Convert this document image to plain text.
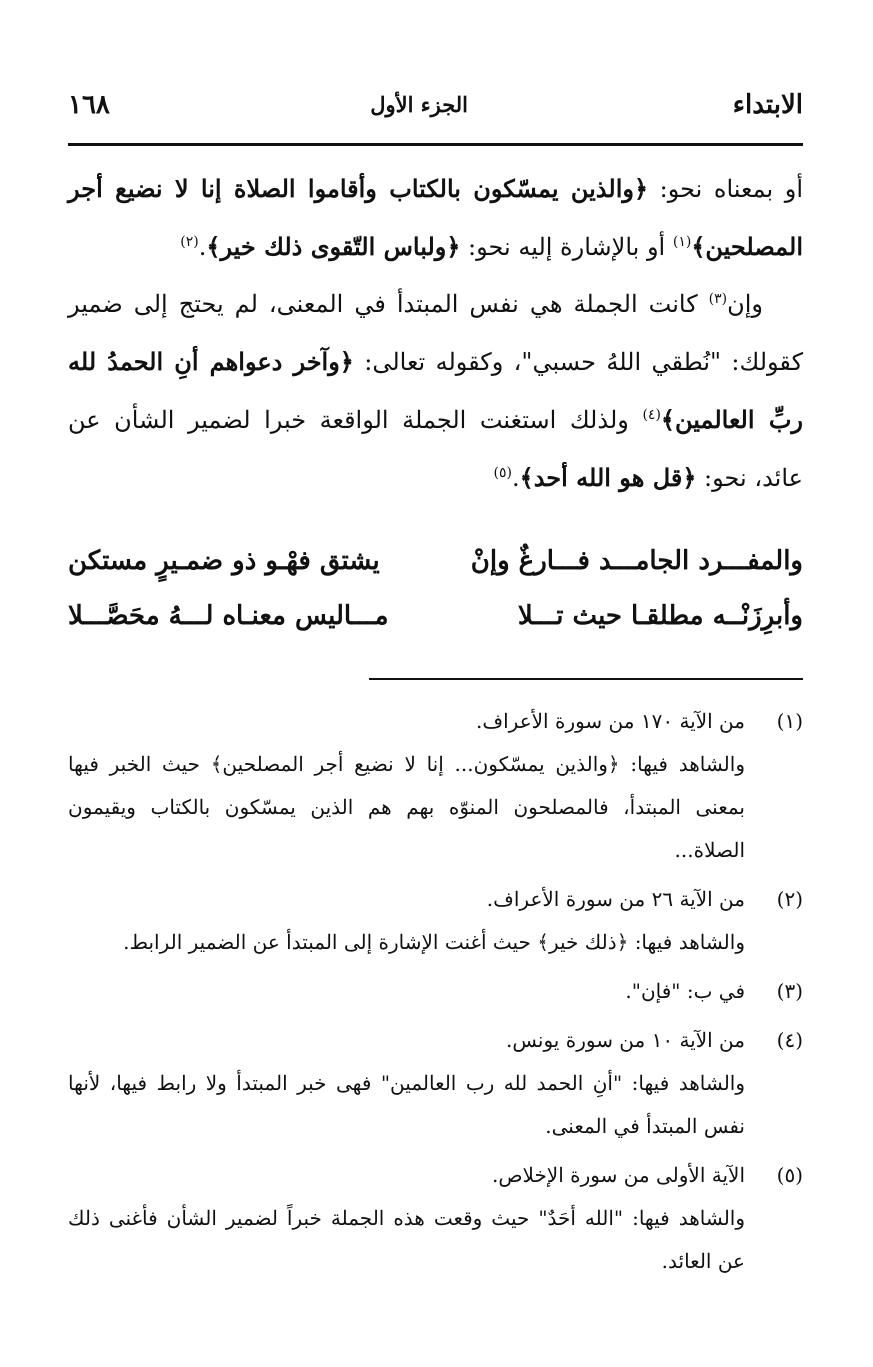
الابتداء
الجزء الأول
١٦٨

أو بمعناه نحو: ﴿والذين يمسّكون بالكتاب وأقاموا الصلاة إنا لا نضيع أجر المصلحين﴾$^{(١)}$ أو بالإشارة إليه نحو: ﴿ولباس التّقوى ذلك خير﴾.$^{(٢)}$

وإن$^{(٣)}$ كانت الجملة هي نفس المبتدأ في المعنى، لم يحتج إلى ضمير كقولك: "نُطقي اللهُ حسبي"، وكقوله تعالى: ﴿وآخر دعواهم أنِ الحمدُ لله ربِّ العالمين﴾$^{(٤)}$ ولذلك استغنت الجملة الواقعة خبرا لضمير الشأن عن عائد، نحو: ﴿قل هو الله أحد﴾.$^{(٥)}$

والمفـــرد الجامـــد فـــارغٌ وإنْ
يشتق فهْـو ذو ضمـيرٍ مستكن
وأبرِزَنْــه مطلقـا حيث تـــلا
مـــاليس معنـاه لـــهُ محَصَّـــلا
(١)

من الآية ١٧٠ من سورة الأعراف.

والشاهد فيها: ﴿والذين يمسّكون... إنا لا نضيع أجر المصلحين﴾ حيث الخبر فيها بمعنى المبتدأ، فالمصلحون المنوّه بهم هم الذين يمسّكون بالكتاب ويقيمون الصلاة...

(٢)

من الآية ٢٦ من سورة الأعراف.

والشاهد فيها: ﴿ذلك خير﴾ حيث أغنت الإشارة إلى المبتدأ عن الضمير الرابط.

(٣)

في ب: "فإن".

(٤)

من الآية ١٠ من سورة يونس.

والشاهد فيها: "أنِ الحمد لله رب العالمين" فهى خبر المبتدأ ولا رابط فيها، لأنها نفس المبتدأ في المعنى.

(٥)

الآية الأولى من سورة الإخلاص.

والشاهد فيها: "الله أحَدٌ" حيث وقعت هذه الجملة خبراً لضمير الشأن فأغنى ذلك عن العائد.
